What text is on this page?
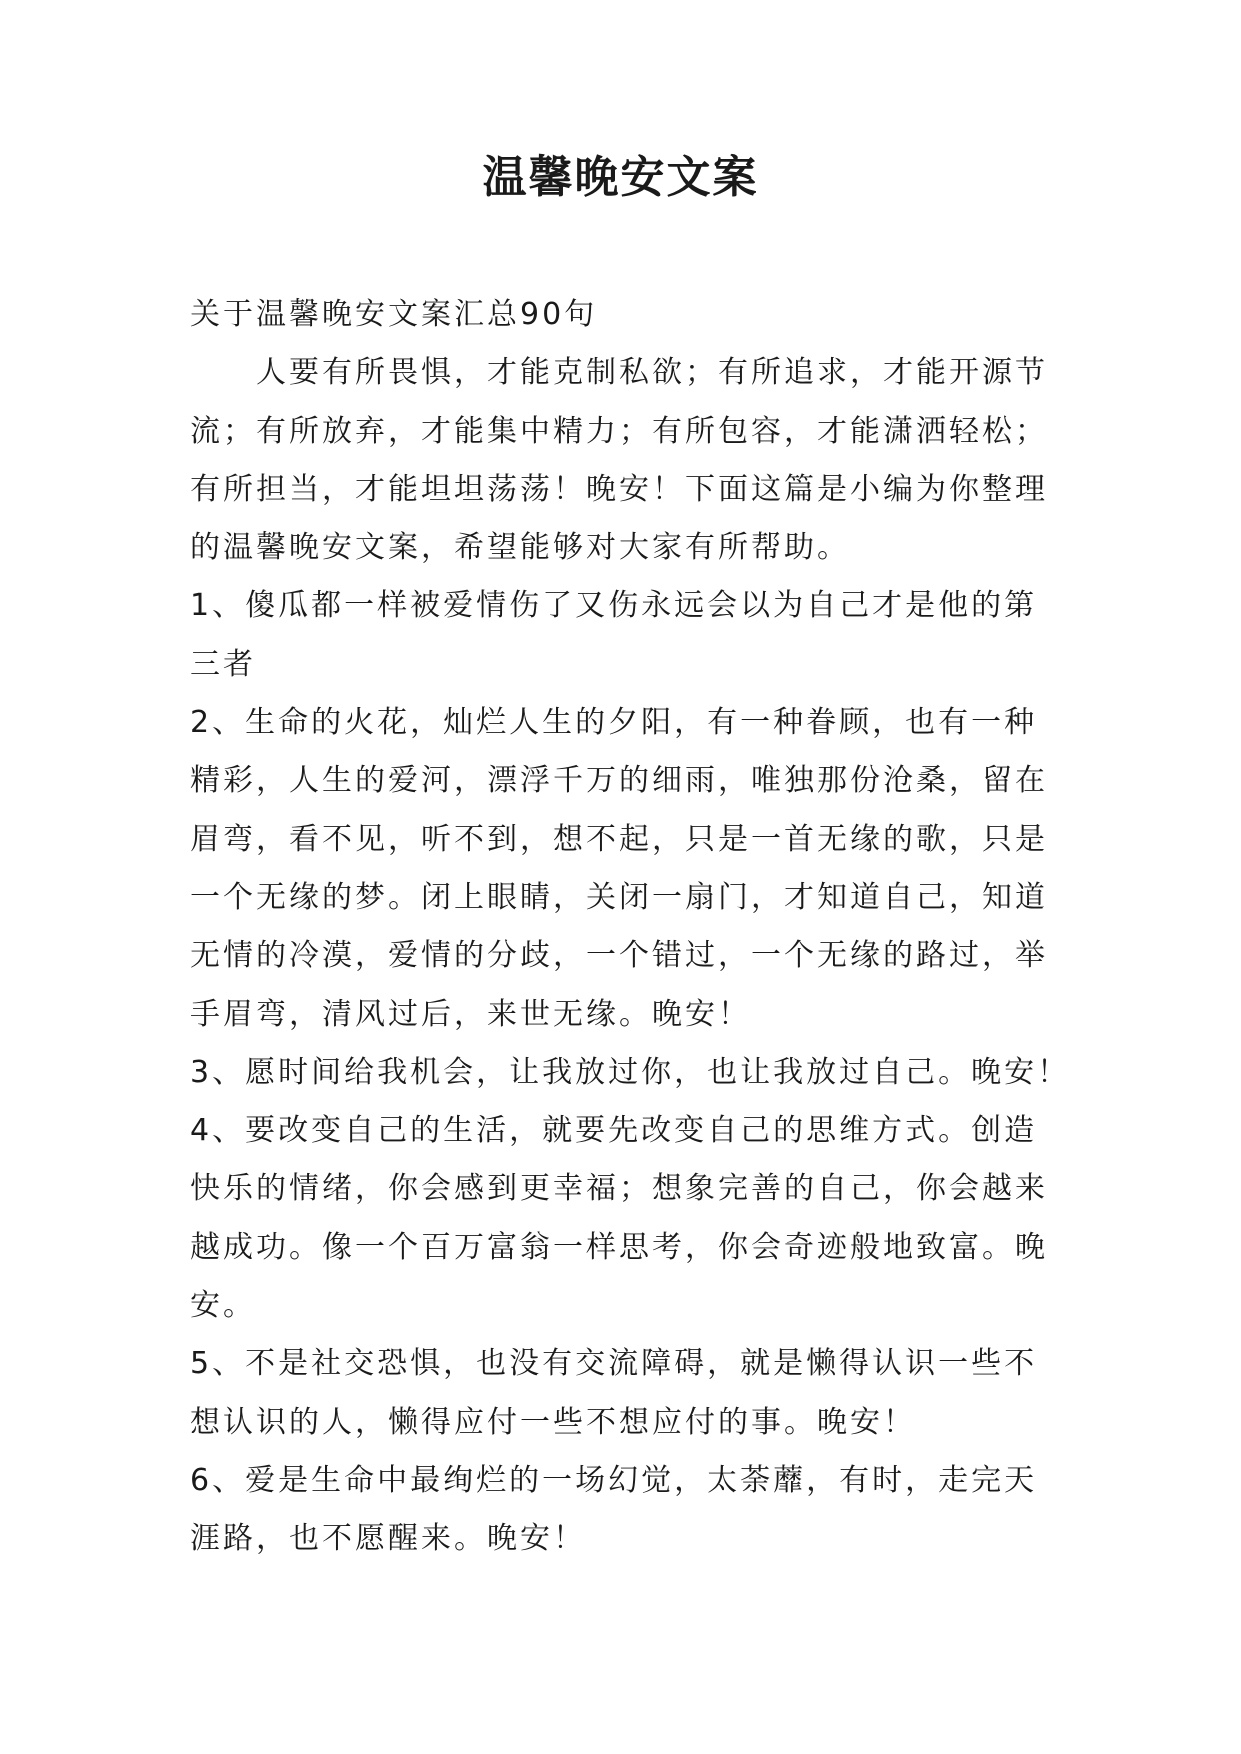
温馨晚安文案
关于温馨晚安文案汇总90句
人要有所畏惧，才能克制私欲；有所追求，才能开源节
流；有所放弃，才能集中精力；有所包容，才能潇洒轻松；
有所担当，才能坦坦荡荡！晚安！下面这篇是小编为你整理
的温馨晚安文案，希望能够对大家有所帮助。
1、傻瓜都一样被爱情伤了又伤永远会以为自己才是他的第
三者
2、生命的火花，灿烂人生的夕阳，有一种眷顾，也有一种
精彩，人生的爱河，漂浮千万的细雨，唯独那份沧桑，留在
眉弯，看不见，听不到，想不起，只是一首无缘的歌，只是
一个无缘的梦。闭上眼睛，关闭一扇门，才知道自己，知道
无情的冷漠，爱情的分歧，一个错过，一个无缘的路过，举
手眉弯，清风过后，来世无缘。晚安！
3、愿时间给我机会，让我放过你，也让我放过自己。晚安！
4、要改变自己的生活，就要先改变自己的思维方式。创造
快乐的情绪，你会感到更幸福；想象完善的自己，你会越来
越成功。像一个百万富翁一样思考，你会奇迹般地致富。晚
安。
5、不是社交恐惧，也没有交流障碍，就是懒得认识一些不
想认识的人，懒得应付一些不想应付的事。晚安！
6、爱是生命中最绚烂的一场幻觉，太荼蘼，有时，走完天
涯路，也不愿醒来。晚安！
